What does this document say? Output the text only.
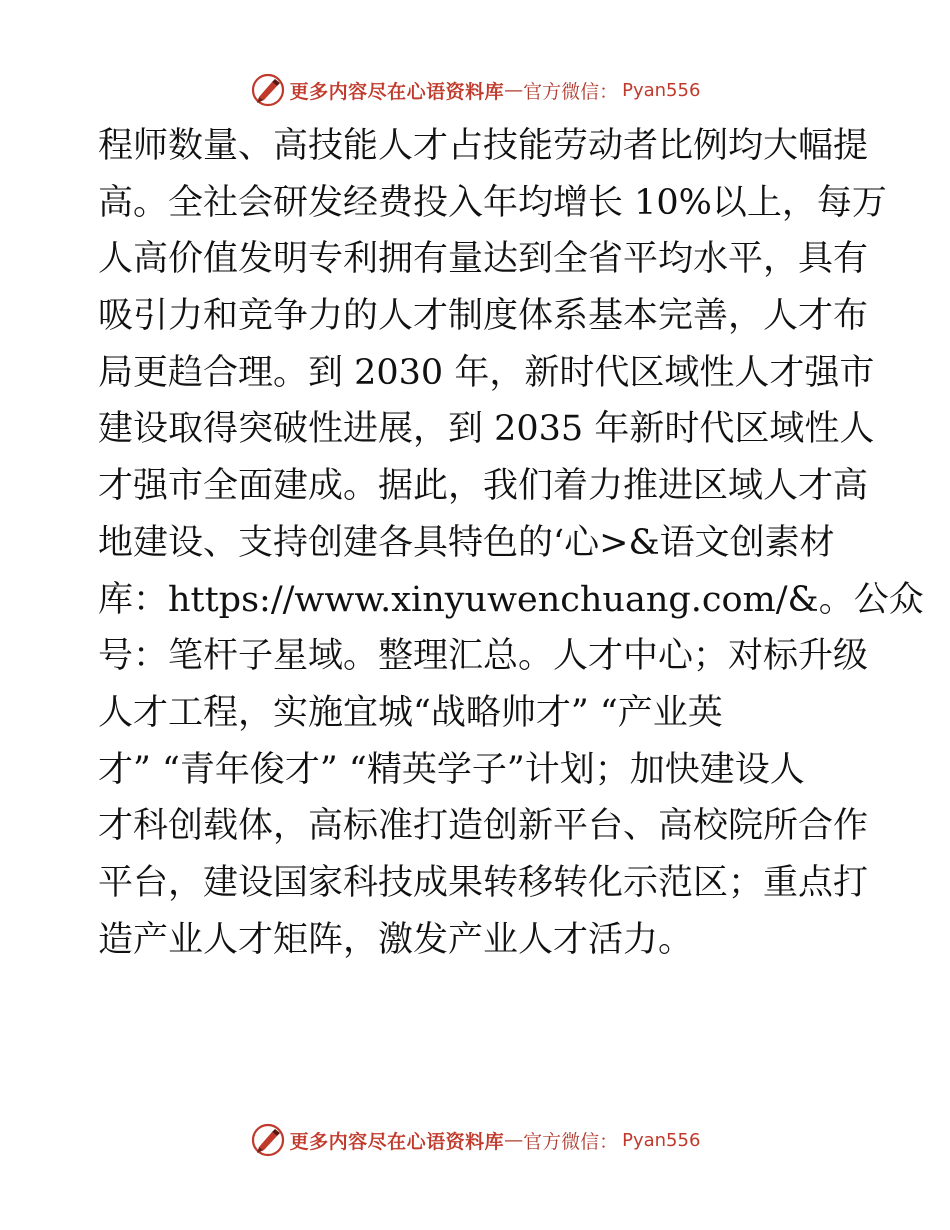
更多内容尽在心语资料库 — 官方微信： Pyan556
程师数量、高技能人才占技能劳动者比例均大幅提
高。全社会研发经费投入年均增长 10%以上，每万
人高价值发明专利拥有量达到全省平均水平，具有
吸引力和竞争力的人才制度体系基本完善，人才布
局更趋合理。到 2030 年，新时代区域性人才强市
建设取得突破性进展，到 2035 年新时代区域性人
才强市全面建成。据此，我们着力推进区域人才高
地建设、支持创建各具特色的‘心>&语文创素材
库：https://www.xinyuwenchuang.com/&。公众
号：笔杆子星域。整理汇总。人才中心；对标升级
人才工程，实施宜城“战略帅才” “产业英
才” “青年俊才” “精英学子”计划；加快建设人
才科创载体，高标准打造创新平台、高校院所合作
平台，建设国家科技成果转移转化示范区；重点打
造产业人才矩阵，激发产业人才活力。
更多内容尽在心语资料库 — 官方微信： Pyan556
